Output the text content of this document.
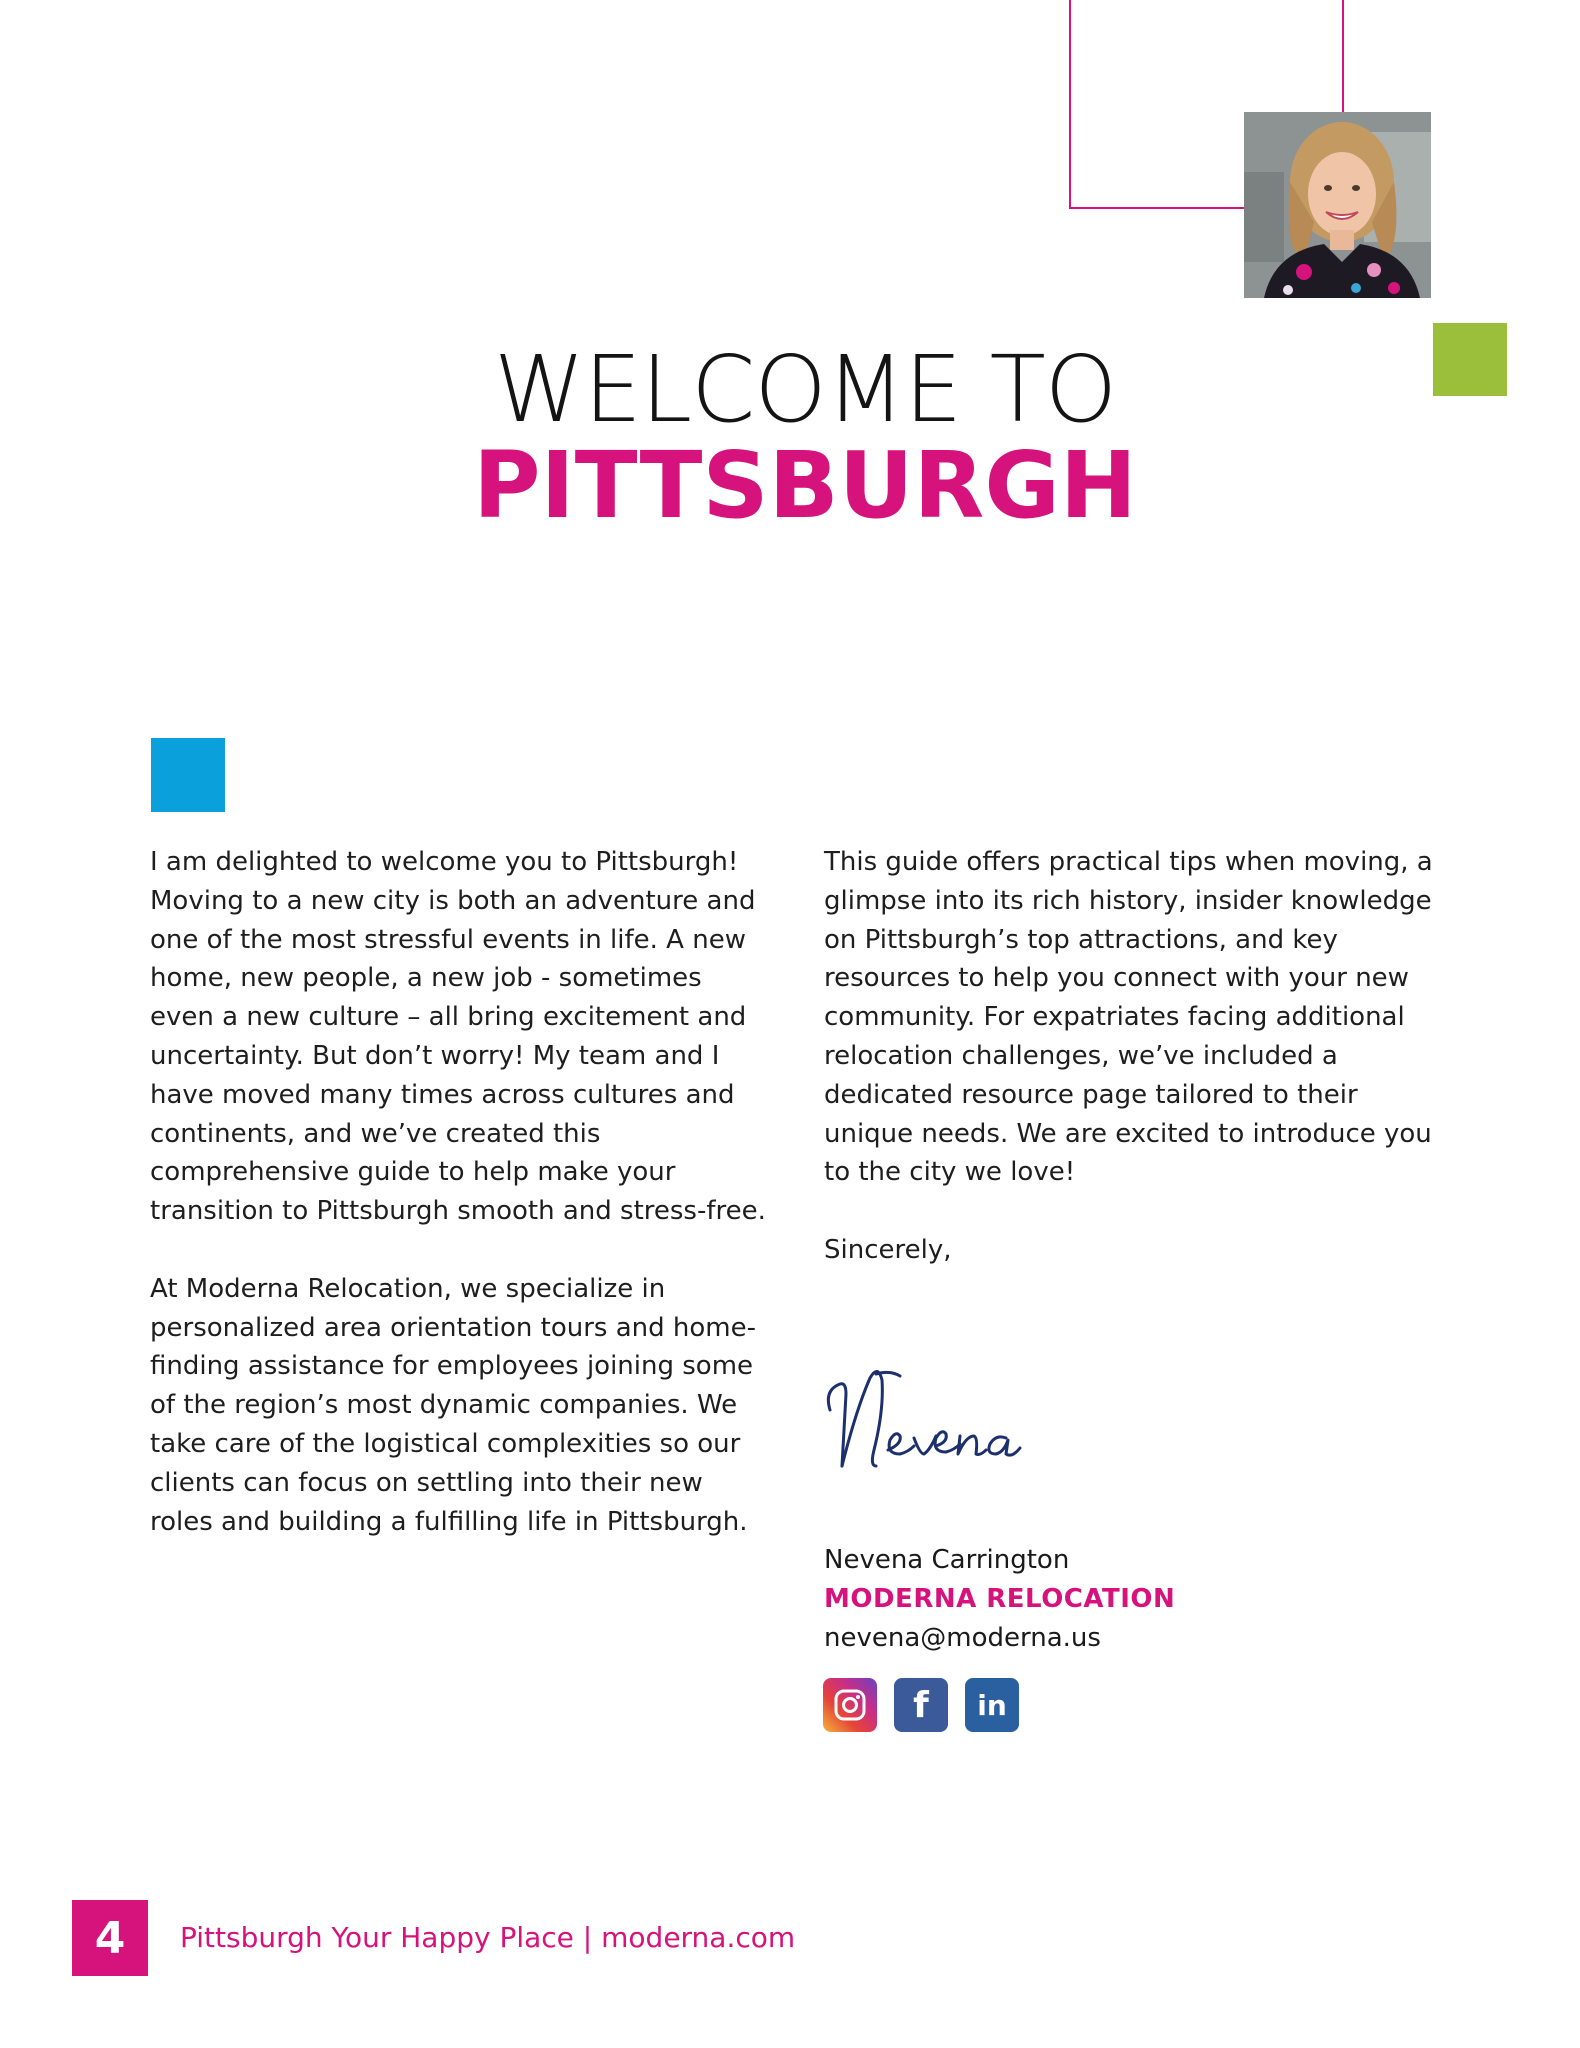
WELCOME TO
PITTSBURGH

I am delighted to welcome you to Pittsburgh! Moving to a new city is both an adventure and one of the most stressful events in life. A new home, new people, a new job - sometimes even a new culture – all bring excitement and uncertainty. But don’t worry! My team and I have moved many times across cultures and continents, and we’ve created this comprehensive guide to help make your transition to Pittsburgh smooth and stress-free.

At Moderna Relocation, we specialize in personalized area orientation tours and home-finding assistance for employees joining some of the region’s most dynamic companies. We take care of the logistical complexities so our clients can focus on settling into their new roles and building a fulfilling life in Pittsburgh.

This guide offers practical tips when moving, a glimpse into its rich history, insider knowledge on Pittsburgh’s top attractions, and key resources to help you connect with your new community. For expatriates facing additional relocation challenges, we’ve included a dedicated resource page tailored to their unique needs. We are excited to introduce you to the city we love!

Sincerely,

Nevena Carrington
MODERNA RELOCATION
nevena@moderna.us
f in
4	Pittsburgh Your Happy Place | moderna.com
